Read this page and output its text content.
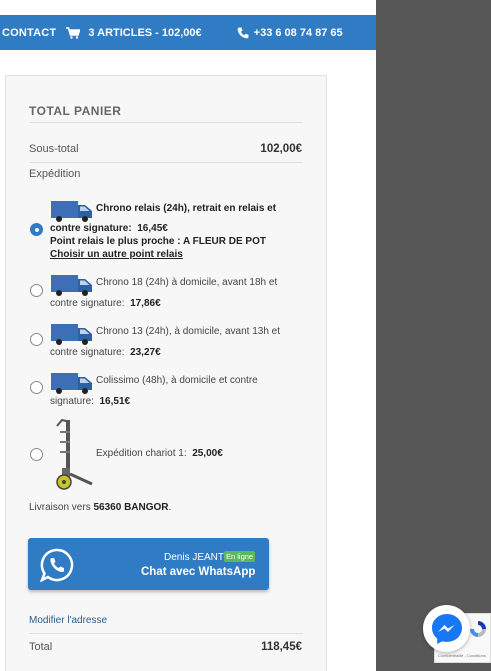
CONTACT	3 ARTICLES - 102,00€	+33 6 08 74 87 65
TOTAL PANIER
Sous-total	102,00€
Expédition
Chrono relais (24h), retrait en relais et
contre signature: 16,45€
Point relais le plus proche : A FLEUR DE POT
Choisir un autre point relais
Chrono 18 (24h) à domicile, avant 18h et
contre signature: 17,86€
Chrono 13 (24h), à domicile, avant 13h et
contre signature: 23,27€
Colissimo (48h), à domicile et contre
signature: 16,51€
Expédition chariot 1: 25,00€
Livraison vers 56360 BANGOR.
Denis JEANT En ligne
Chat avec WhatsApp
Modifier l'adresse
Total	118,45€
Confidentialité - Conditions
